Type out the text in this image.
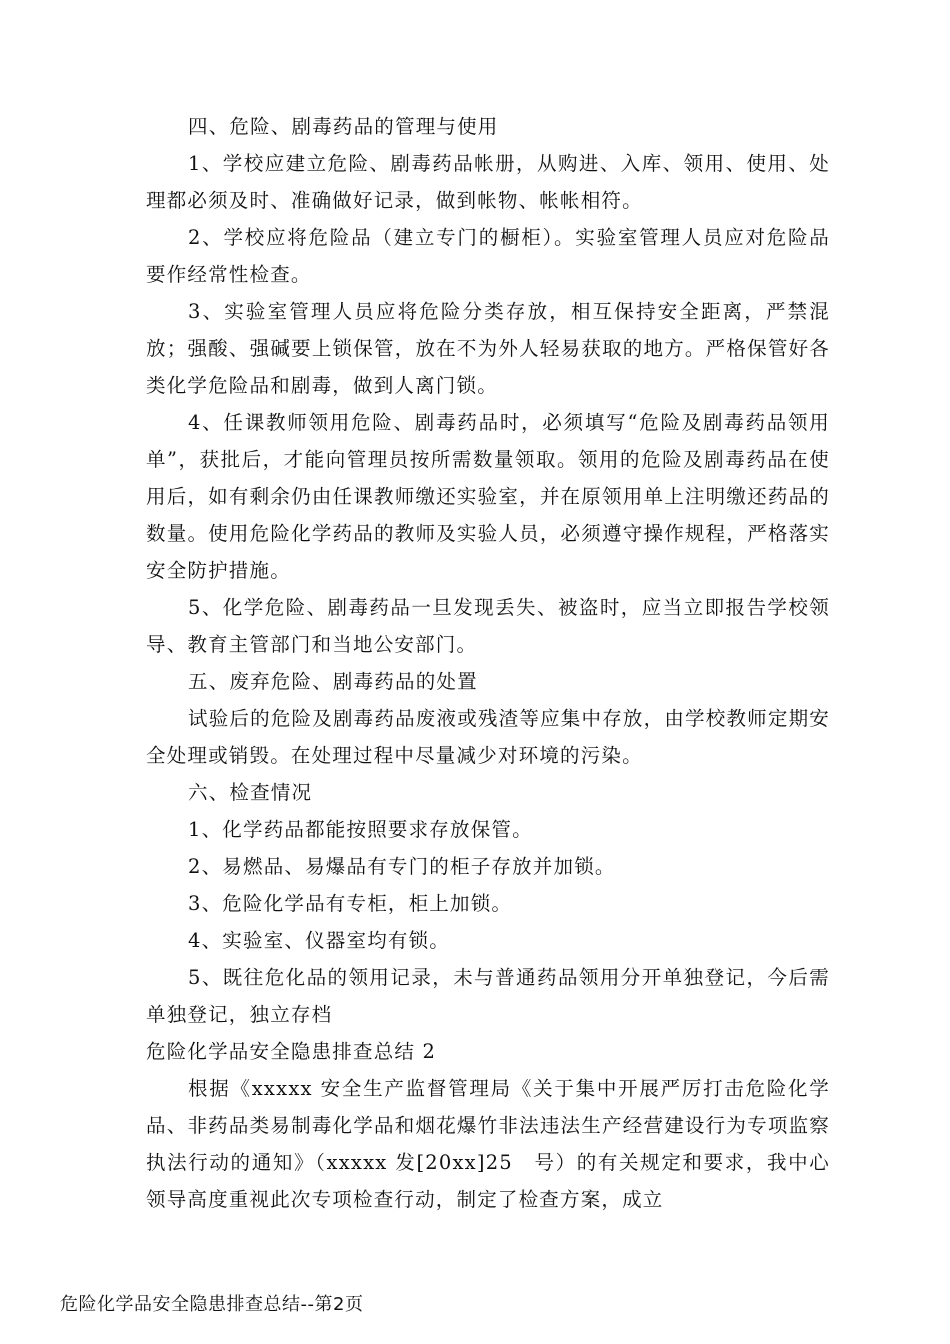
四、危险、剧毒药品的管理与使用

1、学校应建立危险、剧毒药品帐册，从购进、入库、领用、使用、处理都必须及时、准确做好记录，做到帐物、帐帐相符。

2、学校应将危险品（建立专门的橱柜）。实验室管理人员应对危险品要作经常性检查。

3、实验室管理人员应将危险分类存放，相互保持安全距离，严禁混放；强酸、强碱要上锁保管，放在不为外人轻易获取的地方。严格保管好各类化学危险品和剧毒，做到人离门锁。

4、任课教师领用危险、剧毒药品时，必须填写“危险及剧毒药品领用单”，获批后，才能向管理员按所需数量领取。领用的危险及剧毒药品在使用后，如有剩余仍由任课教师缴还实验室，并在原领用单上注明缴还药品的数量。使用危险化学药品的教师及实验人员，必须遵守操作规程，严格落实安全防护措施。

5、化学危险、剧毒药品一旦发现丢失、被盗时，应当立即报告学校领导、教育主管部门和当地公安部门。

五、废弃危险、剧毒药品的处置

试验后的危险及剧毒药品废液或残渣等应集中存放，由学校教师定期安全处理或销毁。在处理过程中尽量减少对环境的污染。

六、检查情况

1、化学药品都能按照要求存放保管。

2、易燃品、易爆品有专门的柜子存放并加锁。

3、危险化学品有专柜，柜上加锁。

4、实验室、仪器室均有锁。

5、既往危化品的领用记录，未与普通药品领用分开单独登记，今后需单独登记，独立存档

危险化学品安全隐患排查总结 2

根据《xxxxx 安全生产监督管理局《关于集中开展严厉打击危险化学品、非药品类易制毒化学品和烟花爆竹非法违法生产经营建设行为专项监察执法行动的通知》（xxxxx 发[20xx]25　号）的有关规定和要求，我中心领导高度重视此次专项检查行动，制定了检查方案，成立

危险化学品安全隐患排查总结--第2页
